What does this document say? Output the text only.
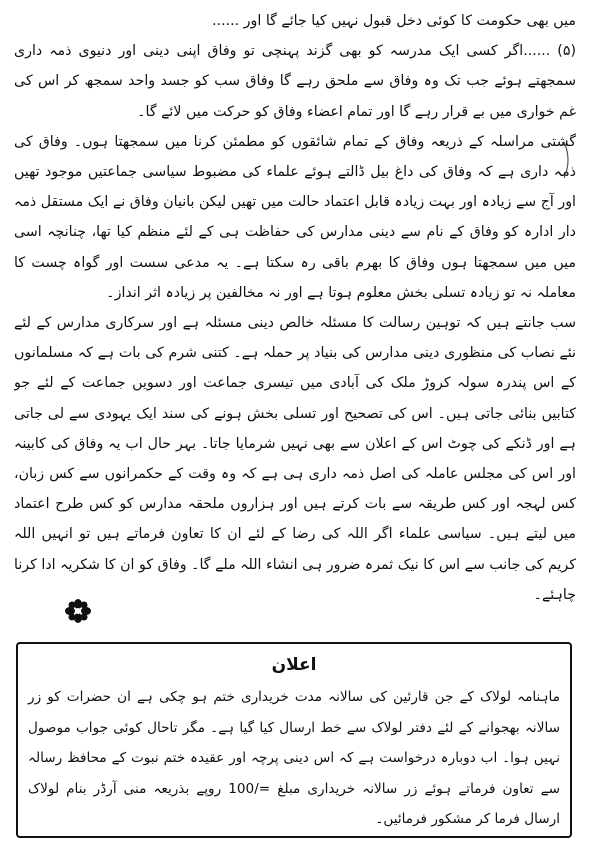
میں بھی حکومت کا کوئی دخل قبول نہیں کیا جائے گا اور ......

(۵) ......اگر کسی ایک مدرسہ کو بھی گزند پہنچی تو وفاق اپنی دینی اور دنیوی ذمہ داری سمجھتے ہوئے جب تک وہ وفاق سے ملحق رہے گا وفاق سب کو جسد واحد سمجھ کر اس کی غم خواری میں بے قرار رہے گا اور تمام اعضاء وفاق کو حرکت میں لائے گا۔

گشتی مراسلہ کے ذریعہ وفاق کے تمام شائقوں کو مطمئن کرنا میں سمجھتا ہوں۔ وفاق کی ذمہ داری ہے کہ وفاق کی داغ بیل ڈالتے ہوئے علماء کی مضبوط سیاسی جماعتیں موجود تھیں اور آج سے زیادہ اور بہت زیادہ قابل اعتماد حالت میں تھیں لیکن بانیان وفاق نے ایک مستقل ذمہ دار ادارہ کو وفاق کے نام سے دینی مدارس کی حفاظت ہی کے لئے منظم کیا تھا، چنانچہ اسی میں میں سمجھتا ہوں وفاق کا بھرم باقی رہ سکتا ہے۔ یہ مدعی سست اور گواہ چست کا معاملہ نہ تو زیادہ تسلی بخش معلوم ہوتا ہے اور نہ مخالفین پر زیادہ اثر انداز۔

سب جانتے ہیں کہ توہین رسالت کا مسئلہ خالص دینی مسئلہ ہے اور سرکاری مدارس کے لئے نئے نصاب کی منظوری دینی مدارس کی بنیاد پر حملہ ہے۔ کتنی شرم کی بات ہے کہ مسلمانوں کے اس پندرہ سولہ کروڑ ملک کی آبادی میں تیسری جماعت اور دسویں جماعت کے لئے جو کتابیں بنائی جاتی ہیں۔ اس کی تصحیح اور تسلی بخش ہونے کی سند ایک یہودی سے لی جاتی ہے اور ڈنکے کی چوٹ اس کے اعلان سے بھی نہیں شرمایا جاتا۔ بہر حال اب یہ وفاق کی کابینہ اور اس کی مجلس عاملہ کی اصل ذمہ داری ہی ہے کہ وہ وقت کے حکمرانوں سے کس زبان، کس لہجہ اور کس طریقہ سے بات کرتے ہیں اور ہزاروں ملحقہ مدارس کو کس طرح اعتماد میں لیتے ہیں۔ سیاسی علماء اگر اللہ کی رضا کے لئے ان کا تعاون فرماتے ہیں تو انہیں اللہ کریم کی جانب سے اس کا نیک ثمرہ ضرور ہی انشاء اللہ ملے گا۔ وفاق کو ان کا شکریہ ادا کرنا چاہئے۔

اعلان

ماہنامہ لولاک کے جن قارئین کی سالانہ مدت خریداری ختم ہو چکی ہے ان حضرات کو زر سالانہ بھجوانے کے لئے دفتر لولاک سے خط ارسال کیا گیا ہے۔ مگر تاحال کوئی جواب موصول نہیں ہوا۔ اب دوبارہ درخواست ہے کہ اس دینی پرچہ اور عقیدہ ختم نبوت کے محافظ رسالہ سے تعاون فرماتے ہوئے زر سالانہ خریداری مبلغ =/100 روپے بذریعہ منی آرڈر بنام لولاک ارسال فرما کر مشکور فرمائیں۔
